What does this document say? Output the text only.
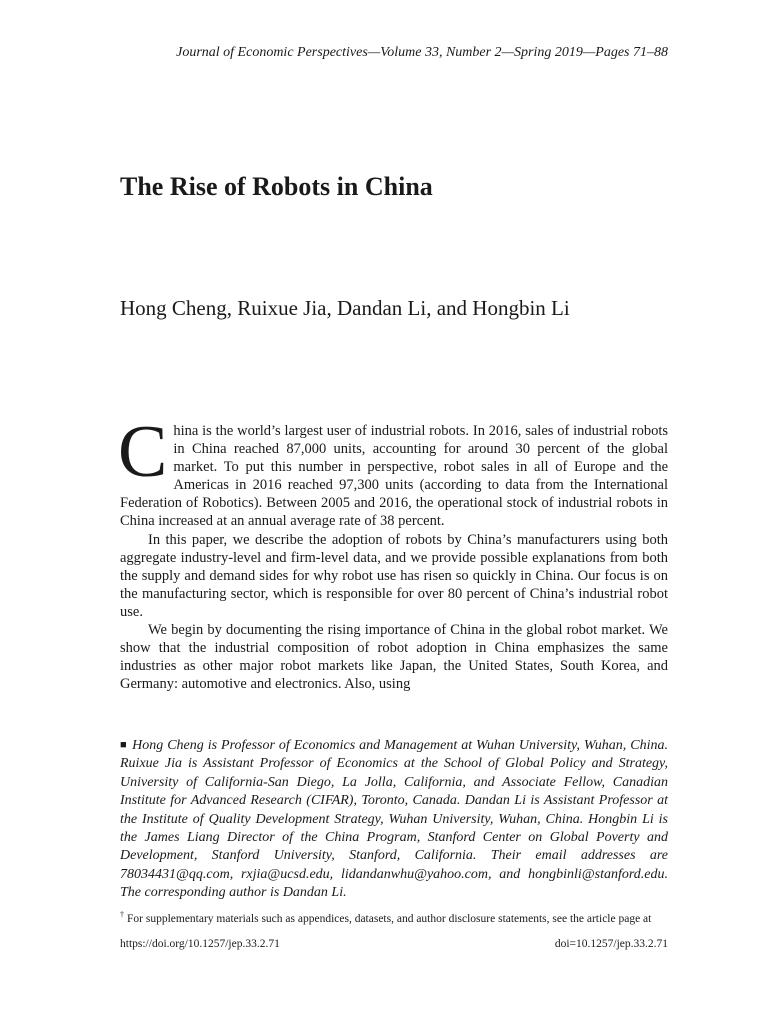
Journal of Economic Perspectives—Volume 33, Number 2—Spring 2019—Pages 71–88
The Rise of Robots in China
Hong Cheng, Ruixue Jia, Dandan Li, and Hongbin Li

China is the world’s largest user of industrial robots. In 2016, sales of industrial robots in China reached 87,000 units, accounting for around 30 percent of the global market. To put this number in perspective, robot sales in all of Europe and the Americas in 2016 reached 97,300 units (according to data from the International Federation of Robotics). Between 2005 and 2016, the operational stock of industrial robots in China increased at an annual average rate of 38 percent.

In this paper, we describe the adoption of robots by China’s manufacturers using both aggregate industry-level and firm-level data, and we provide possible explanations from both the supply and demand sides for why robot use has risen so quickly in China. Our focus is on the manufacturing sector, which is responsible for over 80 percent of China’s industrial robot use.

We begin by documenting the rising importance of China in the global robot market. We show that the industrial composition of robot adoption in China emphasizes the same industries as other major robot markets like Japan, the United States, South Korea, and Germany: automotive and electronics. Also, using

■ Hong Cheng is Professor of Economics and Management at Wuhan University, Wuhan, China. Ruixue Jia is Assistant Professor of Economics at the School of Global Policy and Strategy, University of California-San Diego, La Jolla, California, and Associate Fellow, Canadian Institute for Advanced Research (CIFAR), Toronto, Canada. Dandan Li is Assistant Professor at the Institute of Quality Development Strategy, Wuhan University, Wuhan, China. Hongbin Li is the James Liang Director of the China Program, Stanford Center on Global Poverty and Development, Stanford University, Stanford, California. Their email addresses are 78034431@qq.com, rxjia@ucsd.edu, lidandanwhu@yahoo.com, and hongbinli@stanford.edu. The corresponding author is Dandan Li.

† For supplementary materials such as appendices, datasets, and author disclosure statements, see the article page at

https://doi.org/10.1257/jep.33.2.71	doi=10.1257/jep.33.2.71
